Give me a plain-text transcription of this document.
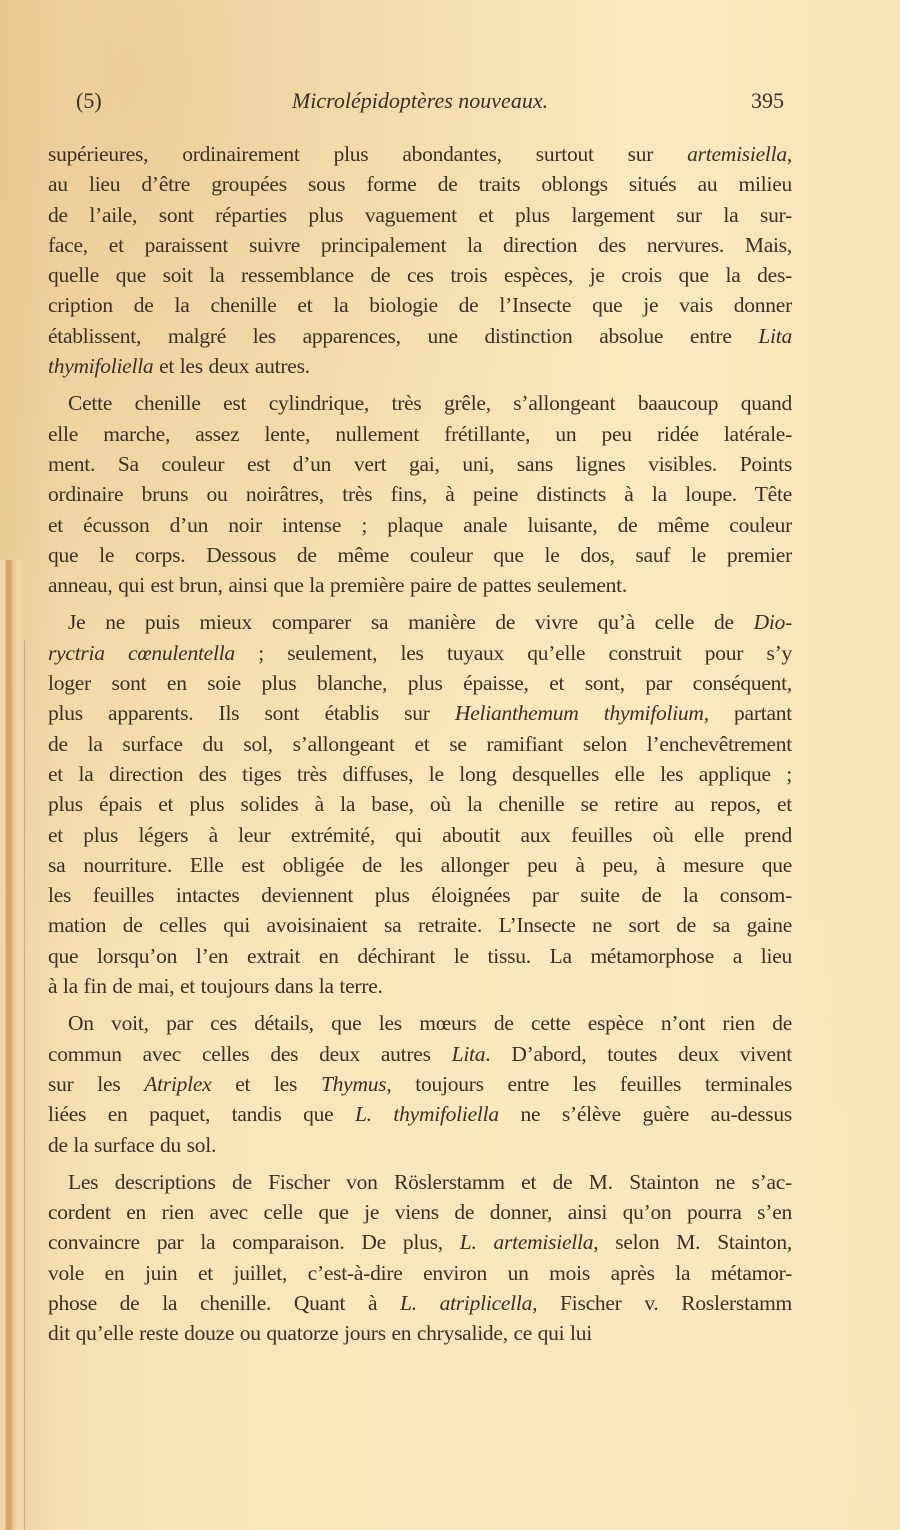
(5)	Microlépidoptères nouveaux.	395
supérieures, ordinairement plus abondantes, surtout sur artemisiella,
au lieu d’être groupées sous forme de traits oblongs situés au milieu
de l’aile, sont réparties plus vaguement et plus largement sur la sur-
face, et paraissent suivre principalement la direction des nervures. Mais,
quelle que soit la ressemblance de ces trois espèces, je crois que la des-
cription de la chenille et la biologie de l’Insecte que je vais donner
établissent, malgré les apparences, une distinction absolue entre Lita
thymifoliella et les deux autres.
Cette chenille est cylindrique, très grêle, s’allongeant baaucoup quand
elle marche, assez lente, nullement frétillante, un peu ridée latérale-
ment. Sa couleur est d’un vert gai, uni, sans lignes visibles. Points
ordinaire bruns ou noirâtres, très fins, à peine distincts à la loupe. Tête
et écusson d’un noir intense ; plaque anale luisante, de même couleur
que le corps. Dessous de même couleur que le dos, sauf le premier
anneau, qui est brun, ainsi que la première paire de pattes seulement.
Je ne puis mieux comparer sa manière de vivre qu’à celle de Dio-
ryctria cœnulentella ; seulement, les tuyaux qu’elle construit pour s’y
loger sont en soie plus blanche, plus épaisse, et sont, par conséquent,
plus apparents. Ils sont établis sur Helianthemum thymifolium, partant
de la surface du sol, s’allongeant et se ramifiant selon l’enchevêtrement
et la direction des tiges très diffuses, le long desquelles elle les applique ;
plus épais et plus solides à la base, où la chenille se retire au repos, et
et plus légers à leur extrémité, qui aboutit aux feuilles où elle prend
sa nourriture. Elle est obligée de les allonger peu à peu, à mesure que
les feuilles intactes deviennent plus éloignées par suite de la consom-
mation de celles qui avoisinaient sa retraite. L’Insecte ne sort de sa gaine
que lorsqu’on l’en extrait en déchirant le tissu. La métamorphose a lieu
à la fin de mai, et toujours dans la terre.
On voit, par ces détails, que les mœurs de cette espèce n’ont rien de
commun avec celles des deux autres Lita. D’abord, toutes deux vivent
sur les Atriplex et les Thymus, toujours entre les feuilles terminales
liées en paquet, tandis que L. thymifoliella ne s’élève guère au-dessus
de la surface du sol.
Les descriptions de Fischer von Röslerstamm et de M. Stainton ne s’ac-
cordent en rien avec celle que je viens de donner, ainsi qu’on pourra s’en
convaincre par la comparaison. De plus, L. artemisiella, selon M. Stainton,
vole en juin et juillet, c’est-à-dire environ un mois après la métamor-
phose de la chenille. Quant à L. atriplicella, Fischer v. Roslerstamm
dit qu’elle reste douze ou quatorze jours en chrysalide, ce qui lui
